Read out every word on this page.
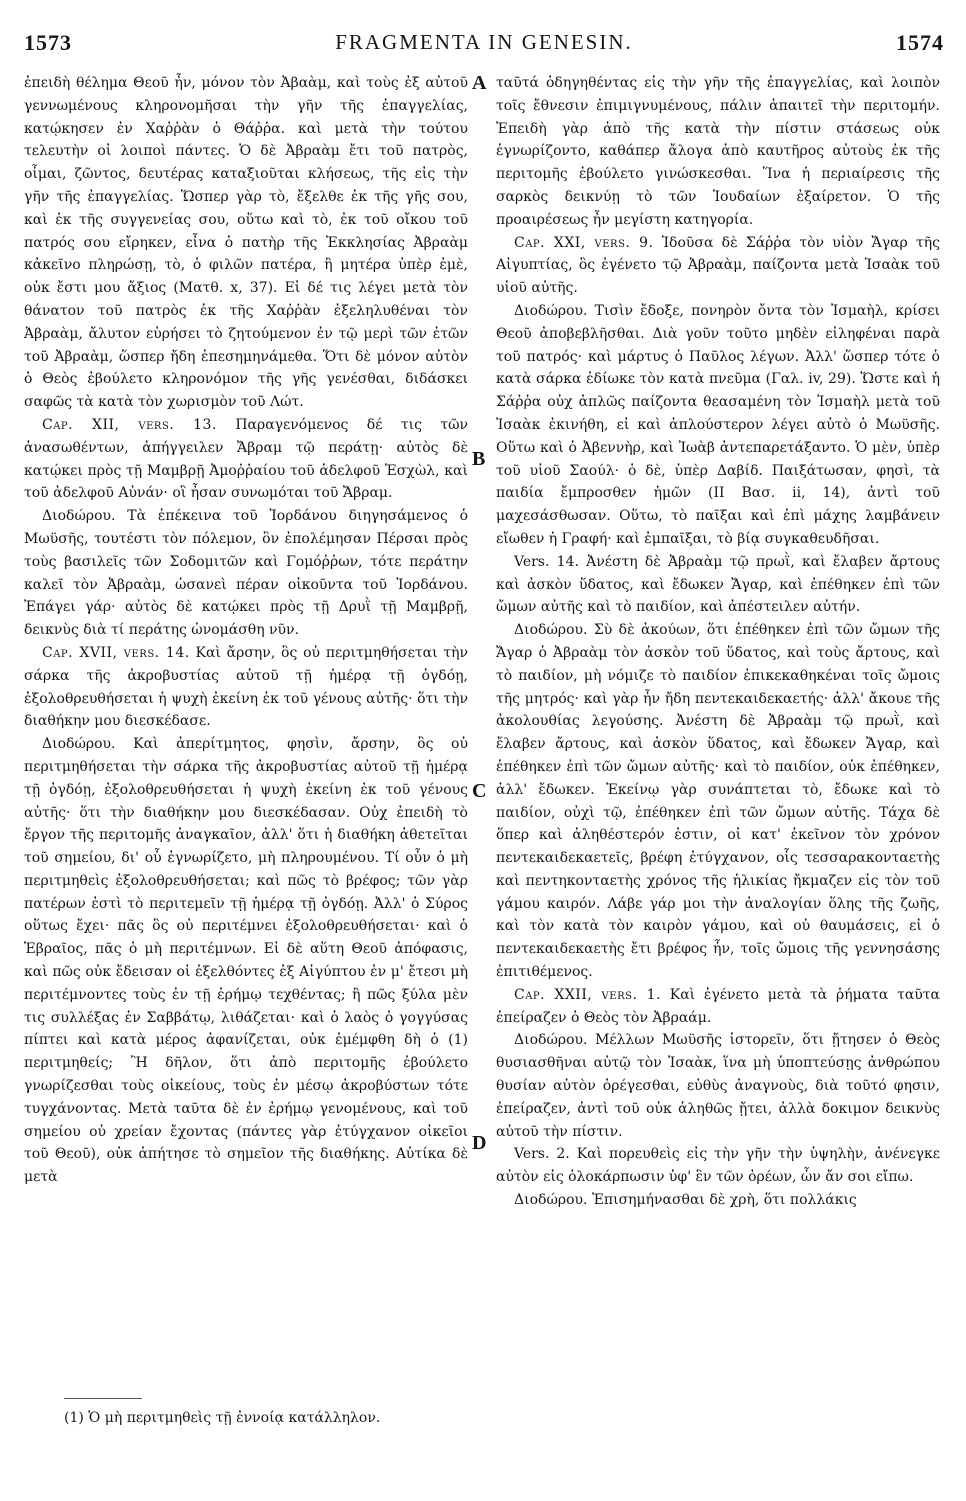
1573	FRAGMENTA IN GENESIN.	1574

ἐπειδὴ θέλημα Θεοῦ ἦν, μόνον τὸν Ἀβαὰμ, καὶ τοὺς ἐξ αὐτοῦ γεννωμένους κληρονομῆσαι τὴν γῆν τῆς ἐπαγγελίας, κατῴκησεν ἐν Χαῤῥὰν ὁ Θάῤῥα. καὶ μετὰ τὴν τούτου τελευτὴν οἱ λοιποὶ πάντες. Ὁ δὲ Ἀβραὰμ ἔτι τοῦ πατρὸς, οἶμαι, ζῶντος, δευτέρας καταξιοῦται κλήσεως, τῆς εἰς τὴν γῆν τῆς ἐπαγγελίας. Ὥσπερ γὰρ τὸ, ἔξελθε ἐκ τῆς γῆς σου, καὶ ἐκ τῆς συγγενείας σου, οὕτω καὶ τὸ, ἐκ τοῦ οἴκου τοῦ πατρός σου εἴρηκεν, εἶνα ὁ πατὴρ τῆς Ἐκκλησίας Ἀβραὰμ κἀκεῖνο πληρώσῃ, τὸ, ὁ φιλῶν πατέρα, ἢ μητέρα ὑπὲρ ἐμὲ, οὐκ ἔστι μου ἄξιος (Ματθ. x, 37). Εἰ δέ τις λέγει μετὰ τὸν θάνατον τοῦ πατρὸς ἐκ τῆς Χαῤῥὰν ἐξεληλυθέναι τὸν Ἀβραὰμ, ἄλυτον εὑρήσει τὸ ζητούμενον ἐν τῷ μερὶ τῶν ἐτῶν τοῦ Ἀβραὰμ, ὥσπερ ἤδη ἐπεσημηνάμεθα. Ὅτι δὲ μόνον αὐτὸν ὁ Θεὸς ἐβούλετο κληρονόμον τῆς γῆς γενέσθαι, διδάσκει σαφῶς τὰ κατὰ τὸν χωρισμὸν τοῦ Λώτ.

Cap. XII, vers. 13. Παραγενόμενος δέ τις τῶν ἀνασωθέντων, ἀπήγγειλεν Ἄβραμ τῷ περάτῃ· αὐτὸς δὲ κατῴκει πρὸς τῇ Μαμβρῇ Ἀμοῤῥαίου τοῦ ἀδελφοῦ Ἐσχὼλ, καὶ τοῦ ἀδελφοῦ Αὐνάν· οἳ ἦσαν συνωμόται τοῦ Ἄβραμ.

Διοδώρου. Τὰ ἐπέκεινα τοῦ Ἰορδάνου διηγησάμενος ὁ Μωϋσῆς, τουτέστι τὸν πόλεμον, ὃν ἐπολέμησαν Πέρσαι πρὸς τοὺς βασιλεῖς τῶν Σοδομιτῶν καὶ Γομόῤῥων, τότε περάτην καλεῖ τὸν Ἀβραὰμ, ὡσανεὶ πέραν οἰκοῦντα τοῦ Ἰορδάνου. Ἐπάγει γάρ· αὐτὸς δὲ κατῴκει πρὸς τῇ Δρυῒ τῇ Μαμβρῇ, δεικνὺς διὰ τί περάτης ὠνομάσθη νῦν.

Cap. XVII, vers. 14. Καὶ ἄρσην, ὃς οὐ περιτμηθήσεται τὴν σάρκα τῆς ἀκροβυστίας αὐτοῦ τῇ ἡμέρᾳ τῇ ὀγδόῃ, ἐξολοθρευθήσεται ἡ ψυχὴ ἐκείνη ἐκ τοῦ γένους αὐτῆς· ὅτι τὴν διαθήκην μου διεσκέδασε.

Διοδώρου. Καὶ ἀπερίτμητος, φησὶν, ἄρσην, ὃς οὐ περιτμηθήσεται τὴν σάρκα τῆς ἀκροβυστίας αὐτοῦ τῇ ἡμέρᾳ τῇ ὀγδόῃ, ἐξολοθρευθήσεται ἡ ψυχὴ ἐκείνη ἐκ τοῦ γένους αὐτῆς· ὅτι τὴν διαθήκην μου διεσκέδασαν. Οὐχ ἐπειδὴ τὸ ἔργον τῆς περιτομῆς ἀναγκαῖον, ἀλλ' ὅτι ἡ διαθήκη ἀθετεῖται τοῦ σημείου, δι' οὗ ἐγνωρίζετο, μὴ πληρουμένου. Τί οὖν ὁ μὴ περιτμηθεὶς ἐξολοθρευθήσεται; καὶ πῶς τὸ βρέφος; τῶν γὰρ πατέρων ἐστὶ τὸ περιτεμεῖν τῇ ἡμέρᾳ τῇ ὀγδόῃ. Ἀλλ' ὁ Σύρος οὕτως ἔχει· πᾶς ὃς οὐ περιτέμνει ἐξολοθρευθήσεται· καὶ ὁ Ἑβραῖος, πᾶς ὁ μὴ περιτέμνων. Εἰ δὲ αὕτη Θεοῦ ἀπόφασις, καὶ πῶς οὐκ ἔδεισαν οἱ ἐξελθόντες ἐξ Αἰγύπτου ἐν μ' ἔτεσι μὴ περιτέμνοντες τοὺς ἐν τῇ ἐρήμῳ τεχθέντας; ἢ πῶς ξύλα μὲν τις συλλέξας ἐν Σαββάτῳ, λιθάζεται· καὶ ὁ λαὸς ὁ γογγύσας πίπτει καὶ κατὰ μέρος ἀφανίζεται, οὐκ ἐμέμφθη δὴ ὁ (1) περιτμηθείς; Ἢ δῆλον, ὅτι ἀπὸ περιτομῆς ἐβούλετο γνωρίζεσθαι τοὺς οἰκείους, τοὺς ἐν μέσῳ ἀκροβύστων τότε τυγχάνοντας. Μετὰ ταῦτα δὲ ἐν ἐρήμῳ γενομένους, καὶ τοῦ σημείου οὐ χρείαν ἔχοντας (πάντες γὰρ ἐτύγχανον οἰκεῖοι τοῦ Θεοῦ), οὐκ ἀπήτησε τὸ σημεῖον τῆς διαθήκης. Αὐτίκα δὲ μετὰ

ταῦτά ὁδηγηθέντας εἰς τὴν γῆν τῆς ἐπαγγελίας, καὶ λοιπὸν τοῖς ἔθνεσιν ἐπιμιγνυμένους, πάλιν ἀπαιτεῖ τὴν περιτομήν. Ἐπειδὴ γὰρ ἀπὸ τῆς κατὰ τὴν πίστιν στάσεως οὐκ ἐγνωρίζοντο, καθάπερ ἄλογα ἀπὸ καυτῆρος αὐτοὺς ἐκ τῆς περιτομῆς ἐβούλετο γινώσκεσθαι. Ἵνα ἡ περιαίρεσις τῆς σαρκὸς δεικνύῃ τὸ τῶν Ἰουδαίων ἐξαίρετον. Ὁ τῆς προαιρέσεως ἦν μεγίστη κατηγορία.

Cap. XXI, vers. 9. Ἰδοῦσα δὲ Σάῤῥα τὸν υἱὸν Ἄγαρ τῆς Αἰγυπτίας, ὃς ἐγένετο τῷ Ἀβραὰμ, παίζοντα μετὰ Ἰσαὰκ τοῦ υἱοῦ αὐτῆς.

Διοδώρου. Τισὶν ἔδοξε, πονηρὸν ὄντα τὸν Ἰσμαὴλ, κρίσει Θεοῦ ἀποβεβλῆσθαι. Διὰ γοῦν τοῦτο μηδὲν εἰληφέναι παρὰ τοῦ πατρός· καὶ μάρτυς ὁ Παῦλος λέγων. Ἀλλ' ὥσπερ τότε ὁ κατὰ σάρκα ἐδίωκε τὸν κατὰ πνεῦμα (Γαλ. iv, 29). Ὥστε καὶ ἡ Σάῤῥα οὐχ ἁπλῶς παίζοντα θεασαμένη τὸν Ἰσμαὴλ μετὰ τοῦ Ἰσαὰκ ἐκινήθη, εἰ καὶ ἁπλούστερον λέγει αὐτὸ ὁ Μωϋσῆς. Οὕτω καὶ ὁ Ἀβεννὴρ, καὶ Ἰωὰβ ἀντεπαρετάξαντο. Ὁ μὲν, ὑπὲρ τοῦ υἱοῦ Σαούλ· ὁ δὲ, ὑπὲρ Δαβίδ. Παιξάτωσαν, φησὶ, τὰ παιδία ἔμπροσθεν ἡμῶν (II Βασ. ii, 14), ἀντὶ τοῦ μαχεσάσθωσαν. Οὕτω, τὸ παῖξαι καὶ ἐπὶ μάχης λαμβάνειν εἴωθεν ἡ Γραφή· καὶ ἐμπαῖξαι, τὸ βίᾳ συγκαθευδῆσαι.

Vers. 14. Ἀνέστη δὲ Ἀβραὰμ τῷ πρωῒ, καὶ ἔλαβεν ἄρτους καὶ ἀσκὸν ὕδατος, καὶ ἔδωκεν Ἄγαρ, καὶ ἐπέθηκεν ἐπὶ τῶν ὤμων αὐτῆς καὶ τὸ παιδίον, καὶ ἀπέστειλεν αὐτήν.

Διοδώρου. Σὺ δὲ ἀκούων, ὅτι ἐπέθηκεν ἐπὶ τῶν ὤμων τῆς Ἄγαρ ὁ Ἀβραὰμ τὸν ἀσκὸν τοῦ ὕδατος, καὶ τοὺς ἄρτους, καὶ τὸ παιδίον, μὴ νόμιζε τὸ παιδίον ἐπικεκαθηκέναι τοῖς ὤμοις τῆς μητρός· καὶ γὰρ ἦν ἤδη πεντεκαιδεκαετής· ἀλλ' ἄκουε τῆς ἀκολουθίας λεγούσης. Ἀνέστη δὲ Ἀβραὰμ τῷ πρωῒ, καὶ ἔλαβεν ἄρτους, καὶ ἀσκὸν ὕδατος, καὶ ἔδωκεν Ἄγαρ, καὶ ἐπέθηκεν ἐπὶ τῶν ὤμων αὐτῆς· καὶ τὸ παιδίον, οὐκ ἐπέθηκεν, ἀλλ' ἔδωκεν. Ἐκείνῳ γὰρ συνάπτεται τὸ, ἔδωκε καὶ τὸ παιδίον, οὐχὶ τῷ, ἐπέθηκεν ἐπὶ τῶν ὤμων αὐτῆς. Τάχα δὲ ὅπερ καὶ ἀληθέστερόν ἐστιν, οἱ κατ' ἐκεῖνον τὸν χρόνον πεντεκαιδεκαετεῖς, βρέφη ἐτύγχανον, οἷς τεσσαρακονταετὴς καὶ πεντηκονταετὴς χρόνος τῆς ἡλικίας ἤκμαζεν εἰς τὸν τοῦ γάμου καιρόν. Λάβε γάρ μοι τὴν ἀναλογίαν ὅλης τῆς ζωῆς, καὶ τὸν κατὰ τὸν καιρὸν γάμου, καὶ οὐ θαυμάσεις, εἰ ὁ πεντεκαιδεκαετὴς ἔτι βρέφος ἦν, τοῖς ὤμοις τῆς γεννησάσης ἐπιτιθέμενος.

Cap. XXII, vers. 1. Καὶ ἐγένετο μετὰ τὰ ῥήματα ταῦτα ἐπείραζεν ὁ Θεὸς τὸν Ἀβραάμ.

Διοδώρου. Μέλλων Μωϋσῆς ἱστορεῖν, ὅτι ᾔτησεν ὁ Θεὸς θυσιασθῆναι αὐτῷ τὸν Ἰσαὰκ, ἵνα μὴ ὑποπτεύσῃς ἀνθρώπου θυσίαν αὐτὸν ὀρέγεσθαι, εὐθὺς ἀναγνοὺς, διὰ τοῦτό φησιν, ἐπείραζεν, ἀντὶ τοῦ οὐκ ἀληθῶς ᾔτει, ἀλλὰ δοκιμον δεικνὺς αὐτοῦ τὴν πίστιν.

Vers. 2. Καὶ πορευθεὶς εἰς τὴν γῆν τὴν ὑψηλὴν, ἀνένεγκε αὐτὸν εἰς ὁλοκάρπωσιν ὑφ' ἓν τῶν ὀρέων, ὧν ἄν σοι εἴπω.

Διοδώρου. Ἐπισημήνασθαι δὲ χρὴ, ὅτι πολλάκις

A
B
C
D
(1) Ὁ μὴ περιτμηθεὶς τῇ ἐννοίᾳ κατάλληλον.
